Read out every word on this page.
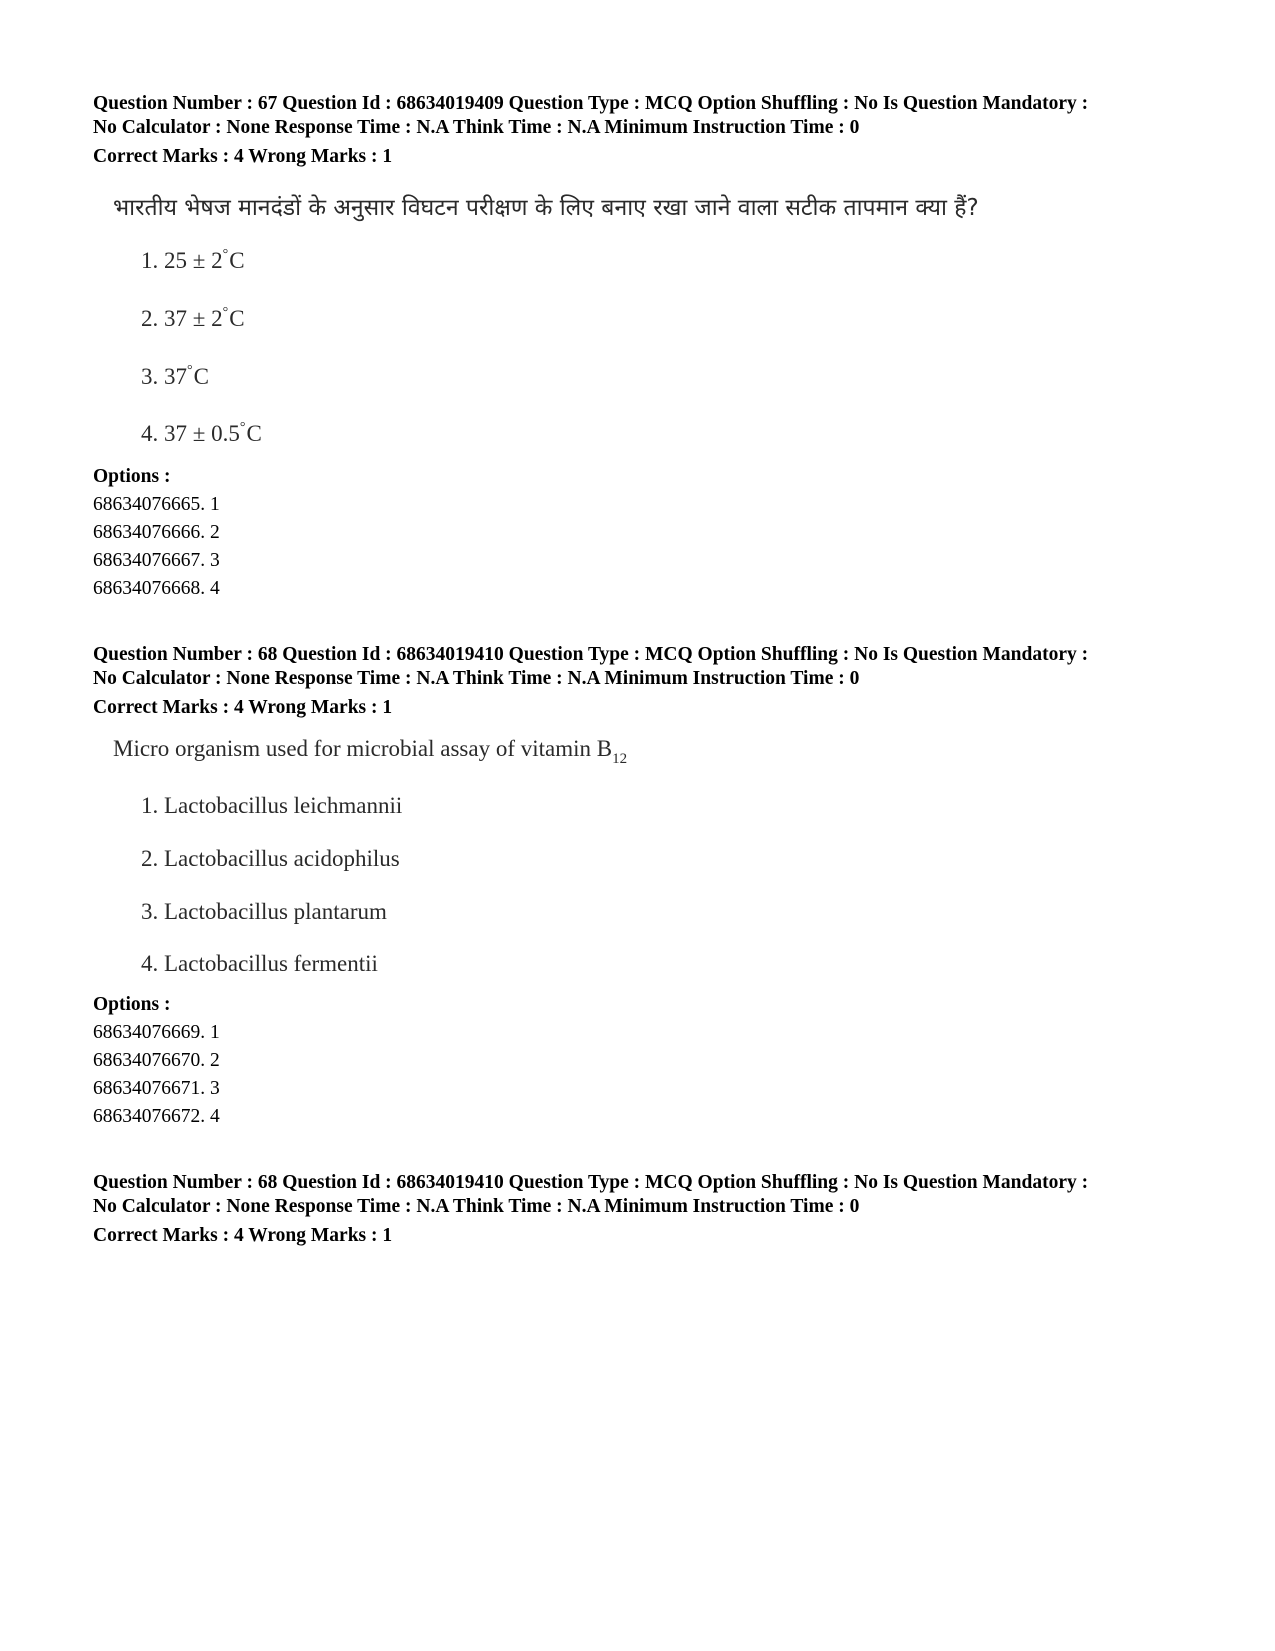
Question Number : 67 Question Id : 68634019409 Question Type : MCQ Option Shuffling : No Is Question Mandatory :
No Calculator : None Response Time : N.A Think Time : N.A Minimum Instruction Time : 0
Correct Marks : 4 Wrong Marks : 1
भारतीय भेषज मानदंडों के अनुसार विघटन परीक्षण के लिए बनाए रखा जाने वाला सटीक तापमान क्या हैं?
1. 25 ± 2°C
2. 37 ± 2°C
3. 37°C
4. 37 ± 0.5°C
Options :
68634076665. 1
68634076666. 2
68634076667. 3
68634076668. 4
Question Number : 68 Question Id : 68634019410 Question Type : MCQ Option Shuffling : No Is Question Mandatory :
No Calculator : None Response Time : N.A Think Time : N.A Minimum Instruction Time : 0
Correct Marks : 4 Wrong Marks : 1
Micro organism used for microbial assay of vitamin $B_{12}$
1. Lactobacillus leichmannii
2. Lactobacillus acidophilus
3. Lactobacillus plantarum
4. Lactobacillus fermentii
Options :
68634076669. 1
68634076670. 2
68634076671. 3
68634076672. 4
Question Number : 68 Question Id : 68634019410 Question Type : MCQ Option Shuffling : No Is Question Mandatory :
No Calculator : None Response Time : N.A Think Time : N.A Minimum Instruction Time : 0
Correct Marks : 4 Wrong Marks : 1
